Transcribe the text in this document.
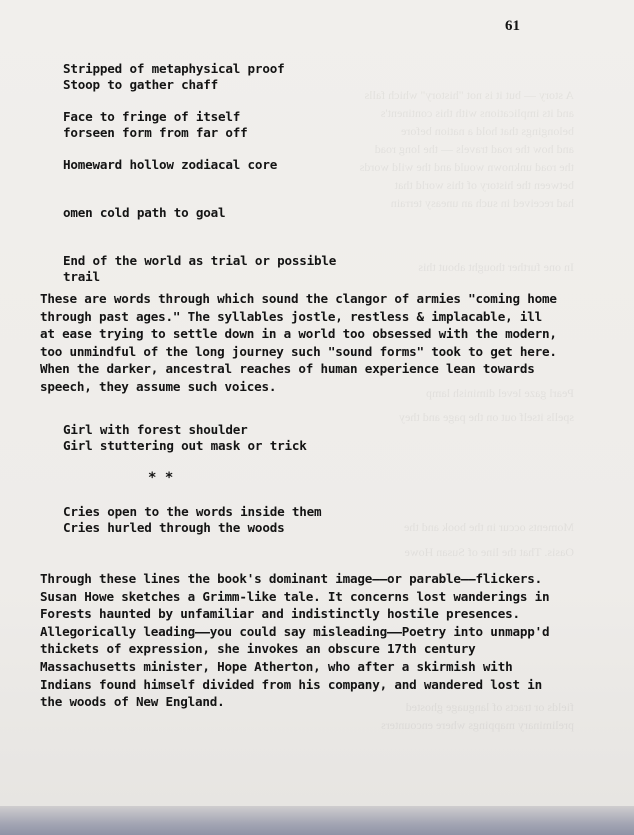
A story — but it is not "history" which falls
and its implications with this continent's
belongings that hold a nation before
and how the road travels — the long road
the road unknown would and the wild words
between the history of this world that
had received in such an uneasy terrain
In one further thought about this
Pearl gaze level diminish lamp
spells itself out on the page and they
Moments occur in the book and the
Oasis. That the line of Susan Howe
fields or tracts of language ghosted
preliminary mappings where encounters
61
Stripped of metaphysical proof
Stoop to gather chaff

Face to fringe of itself
forseen form from far off

Homeward hollow zodiacal core

omen cold path to goal

End of the world as trial or possible
trail
These are words through which sound the clangor of armies "coming home through past ages." The syllables jostle, restless & implacable, ill at ease trying to settle down in a world too obsessed with the modern, too unmindful of the long journey such "sound forms" took to get here. When the darker, ancestral reaches of human experience lean towards speech, they assume such voices.
Girl with forest shoulder
Girl stuttering out mask or trick
* *
Cries open to the words inside them
Cries hurled through the woods
Through these lines the book's dominant image——or parable——flickers. Susan Howe sketches a Grimm-like tale. It concerns lost wanderings in Forests haunted by unfamiliar and indistinctly hostile presences. Allegorically leading——you could say misleading——Poetry into unmapp'd thickets of expression, she invokes an obscure 17th century Massachusetts minister, Hope Atherton, who after a skirmish with Indians found himself divided from his company, and wandered lost in the woods of New England.
